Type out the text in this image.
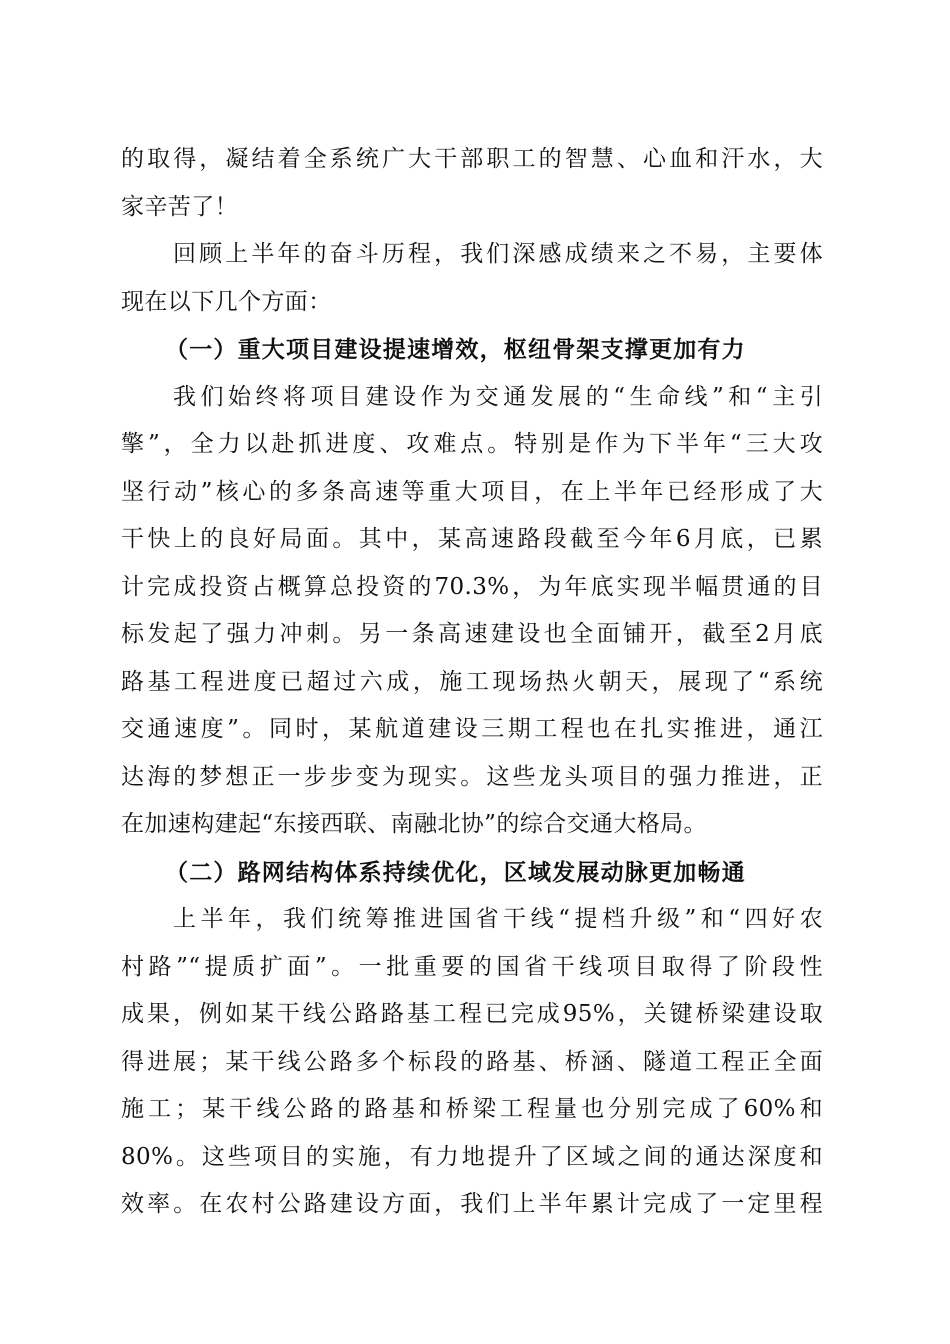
的取得，凝结着全系统广大干部职工的智慧、心血和汗水，大
家辛苦了！
回顾上半年的奋斗历程，我们深感成绩来之不易，主要体
现在以下几个方面：
（一）重大项目建设提速增效，枢纽骨架支撑更加有力
我们始终将项目建设作为交通发展的“生命线”和“主引
擎”，全力以赴抓进度、攻难点。特别是作为下半年“三大攻
坚行动”核心的多条高速等重大项目，在上半年已经形成了大
干快上的良好局面。其中，某高速路段截至今年6月底，已累
计完成投资占概算总投资的70.3%，为年底实现半幅贯通的目
标发起了强力冲刺。另一条高速建设也全面铺开，截至2月底
路基工程进度已超过六成，施工现场热火朝天，展现了“系统
交通速度”。同时，某航道建设三期工程也在扎实推进，通江
达海的梦想正一步步变为现实。这些龙头项目的强力推进，正
在加速构建起“东接西联、南融北协”的综合交通大格局。
（二）路网结构体系持续优化，区域发展动脉更加畅通
上半年，我们统筹推进国省干线“提档升级”和“四好农
村路”“提质扩面”。一批重要的国省干线项目取得了阶段性
成果，例如某干线公路路基工程已完成95%，关键桥梁建设取
得进展；某干线公路多个标段的路基、桥涵、隧道工程正全面
施工；某干线公路的路基和桥梁工程量也分别完成了60%和
80%。这些项目的实施，有力地提升了区域之间的通达深度和
效率。在农村公路建设方面，我们上半年累计完成了一定里程
